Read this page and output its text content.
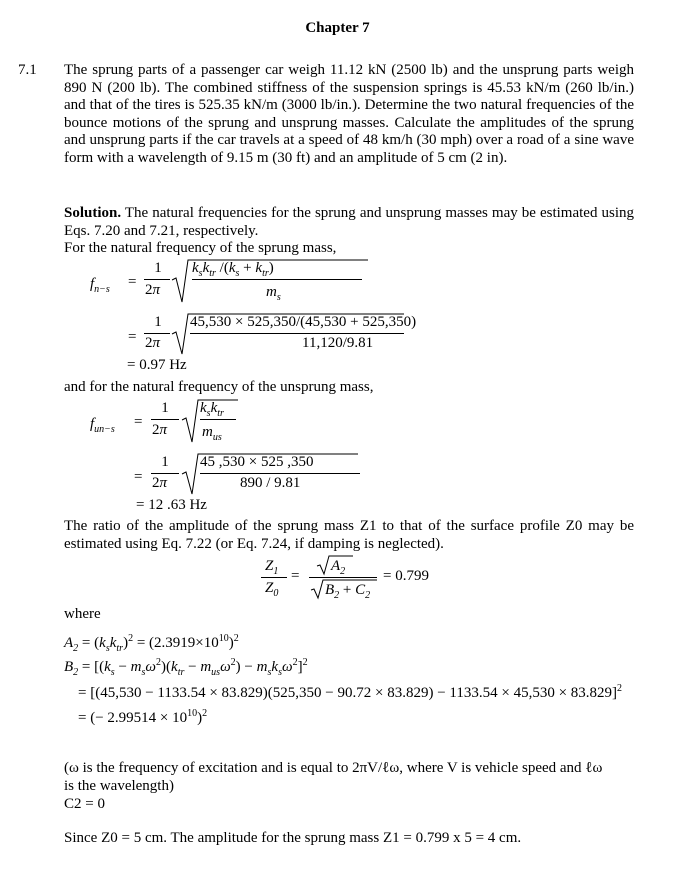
Chapter 7
7.1 The sprung parts of a passenger car weigh 11.12 kN (2500 lb) and the unsprung parts weigh 890 N (200 lb). The combined stiffness of the suspension springs is 45.53 kN/m (260 lb/in.) and that of the tires is 525.35 kN/m (3000 lb/in.). Determine the two natural frequencies of the bounce motions of the sprung and unsprung masses. Calculate the amplitudes of the sprung and unsprung parts if the car travels at a speed of 48 km/h (30 mph) over a road of a sine wave form with a wavelength of 9.15 m (30 ft) and an amplitude of 5 cm (2 in).
Solution. The natural frequencies for the sprung and unsprung masses may be estimated using Eqs. 7.20 and 7.21, respectively.
For the natural frequency of the sprung mass,
$f_{n-s}$ =
1
2π
$k_sk_{tr}$ $/(k_s + k_{tr})$
$m_s$
=
1
2π
45,530 × 525,350/(45,530 + 525,350)
11,120/9.81
= 0.97 Hz
and for the natural frequency of the unsprung mass,
$f_{un-s}$ =
1
2π
$k_sk_{tr}$
$m_{us}$
=
1
2π
45 ,530 × 525 ,350
890 / 9.81
= 12 .63 Hz
The ratio of the amplitude of the sprung mass Z1 to that of the surface profile Z0 may be estimated using Eq. 7.22 (or Eq. 7.24, if damping is neglected).
$Z_1$
$Z_0$
=
$A_2$
$B_2 + C_2$
= 0.799
where
$A_2 = (k_sk_{tr})^2 = (2.3919\times 10^{10})^2$
$B_2 = [(k_s - m_s\omega^2)(k_{tr} - m_{us}\omega^2) - m_sk_s\omega^2]^2$
= $[(45,530 - 1133.54 \times 83.829)(525,350 - 90.72 \times 83.829) - 1133.54 \times 45,530 \times 83.829]^2$
= (− $2.99514 \times 10^{10})^2$
(ω is the frequency of excitation and is equal to 2πV/ℓω, where V is vehicle speed and ℓω
is the wavelength)
C2 = 0
Since Z0 = 5 cm. The amplitude for the sprung mass Z1 = 0.799 x 5 = 4 cm.
